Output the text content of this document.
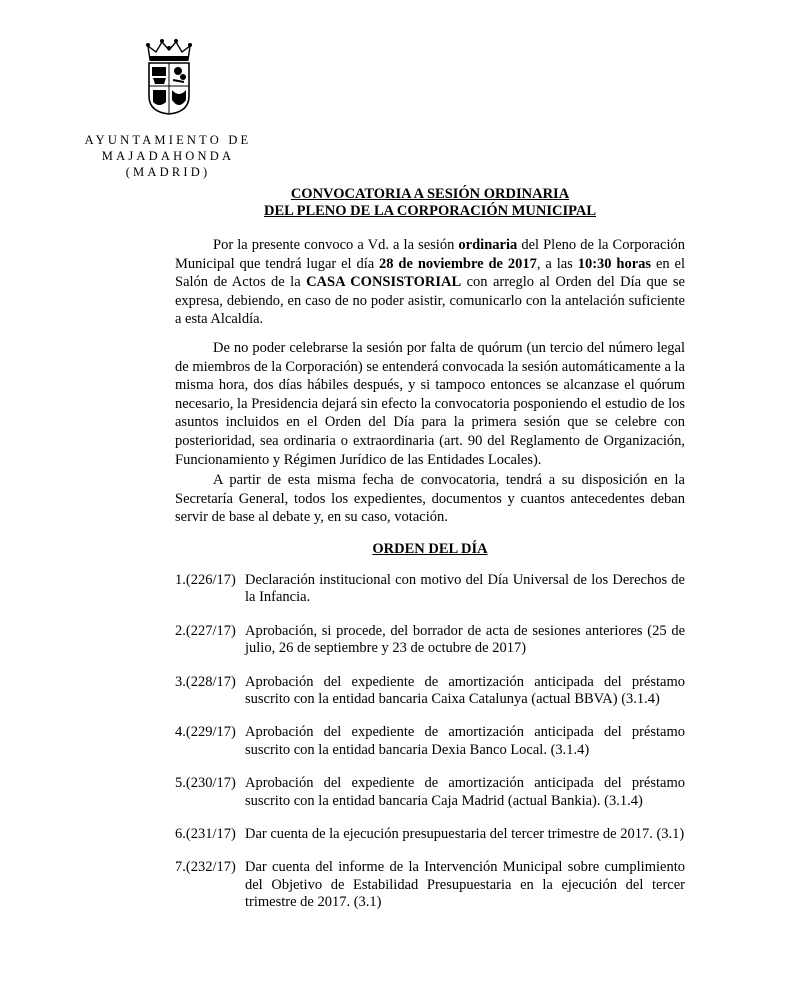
AYUNTAMIENTO DE
MAJADAHONDA
(MADRID)
CONVOCATORIA A SESIÓN ORDINARIA
DEL PLENO DE LA CORPORACIÓN MUNICIPAL

Por la presente convoco a Vd. a la sesión ordinaria del Pleno de la Corporación Municipal que tendrá lugar el día 28 de noviembre de 2017, a las 10:30 horas en el Salón de Actos de la CASA CONSISTORIAL con arreglo al Orden del Día que se expresa, debiendo, en caso de no poder asistir, comunicarlo con la antelación suficiente a esta Alcaldía.

De no poder celebrarse la sesión por falta de quórum (un tercio del número legal de miembros de la Corporación) se entenderá convocada la sesión automáticamente a la misma hora, dos días hábiles después, y si tampoco entonces se alcanzase el quórum necesario, la Presidencia dejará sin efecto la convocatoria posponiendo el estudio de los asuntos incluidos en el Orden del Día para la primera sesión que se celebre con posterioridad, sea ordinaria o extraordinaria (art. 90 del Reglamento de Organización, Funcionamiento y Régimen Jurídico de las Entidades Locales).

A partir de esta misma fecha de convocatoria, tendrá a su disposición en la Secretaría General, todos los expedientes, documentos y cuantos antecedentes deban servir de base al debate y, en su caso, votación.

ORDEN DEL DÍA
1.(226/17) Declaración institucional con motivo del Día Universal de los Derechos de la Infancia.
2.(227/17) Aprobación, si procede, del borrador de acta de sesiones anteriores (25 de julio, 26 de septiembre y 23 de octubre de 2017)
3.(228/17) Aprobación del expediente de amortización anticipada del préstamo suscrito con la entidad bancaria Caixa Catalunya (actual BBVA) (3.1.4)
4.(229/17) Aprobación del expediente de amortización anticipada del préstamo suscrito con la entidad bancaria Dexia Banco Local. (3.1.4)
5.(230/17) Aprobación del expediente de amortización anticipada del préstamo suscrito con la entidad bancaria Caja Madrid (actual Bankia). (3.1.4)
6.(231/17) Dar cuenta de la ejecución presupuestaria del tercer trimestre de 2017. (3.1)
7.(232/17) Dar cuenta del informe de la Intervención Municipal sobre cumplimiento del Objetivo de Estabilidad Presupuestaria en la ejecución del tercer trimestre de 2017. (3.1)
